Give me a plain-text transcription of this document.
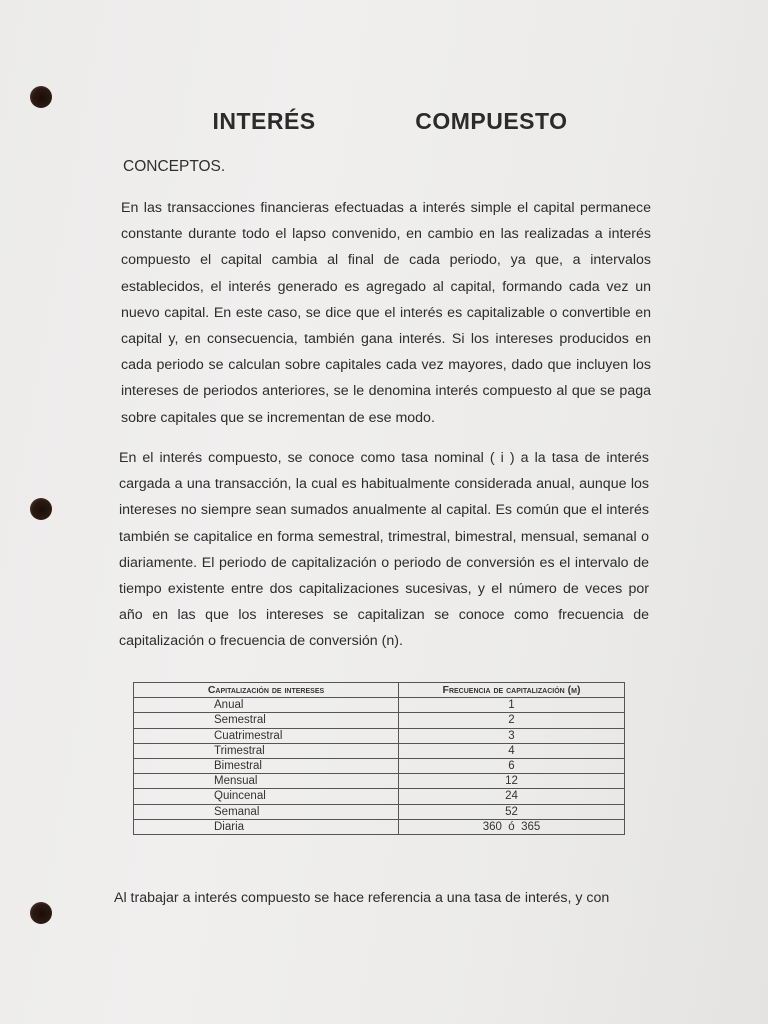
INTERÉS    COMPUESTO
CONCEPTOS.

En las transacciones financieras efectuadas a interés simple el capital permanece constante durante todo el lapso convenido, en cambio en las realizadas a interés compuesto el capital cambia al final de cada periodo, ya que, a intervalos establecidos, el interés generado es agregado al capital, formando cada vez un nuevo capital. En este caso, se dice que el interés es capitalizable o convertible en capital y, en consecuencia, también gana interés. Si los intereses producidos en cada periodo se calculan sobre capitales cada vez mayores, dado que incluyen los intereses de periodos anteriores, se le denomina interés compuesto al que se paga sobre capitales que se incrementan de ese modo.

En el interés compuesto, se conoce como tasa nominal ( i ) a la tasa de interés cargada a una transacción, la cual es habitualmente considerada anual, aunque los intereses no siempre sean sumados anualmente al capital. Es común que el interés también se capitalice en forma semestral, trimestral, bimestral, mensual, semanal o diariamente. El periodo de capitalización o periodo de conversión es el intervalo de tiempo existente entre dos capitalizaciones sucesivas, y el número de veces por año en las que los intereses se capitalizan se conoce como frecuencia de capitalización o frecuencia de conversión (n).

Capitalización de intereses	Frecuencia de capitalización (m)
Anual	1
Semestral	2
Cuatrimestral	3
Trimestral	4
Bimestral	6
Mensual	12
Quincenal	24
Semanal	52
Diaria	360  ó  365
Al trabajar a interés compuesto se hace referencia a una tasa de interés, y con
